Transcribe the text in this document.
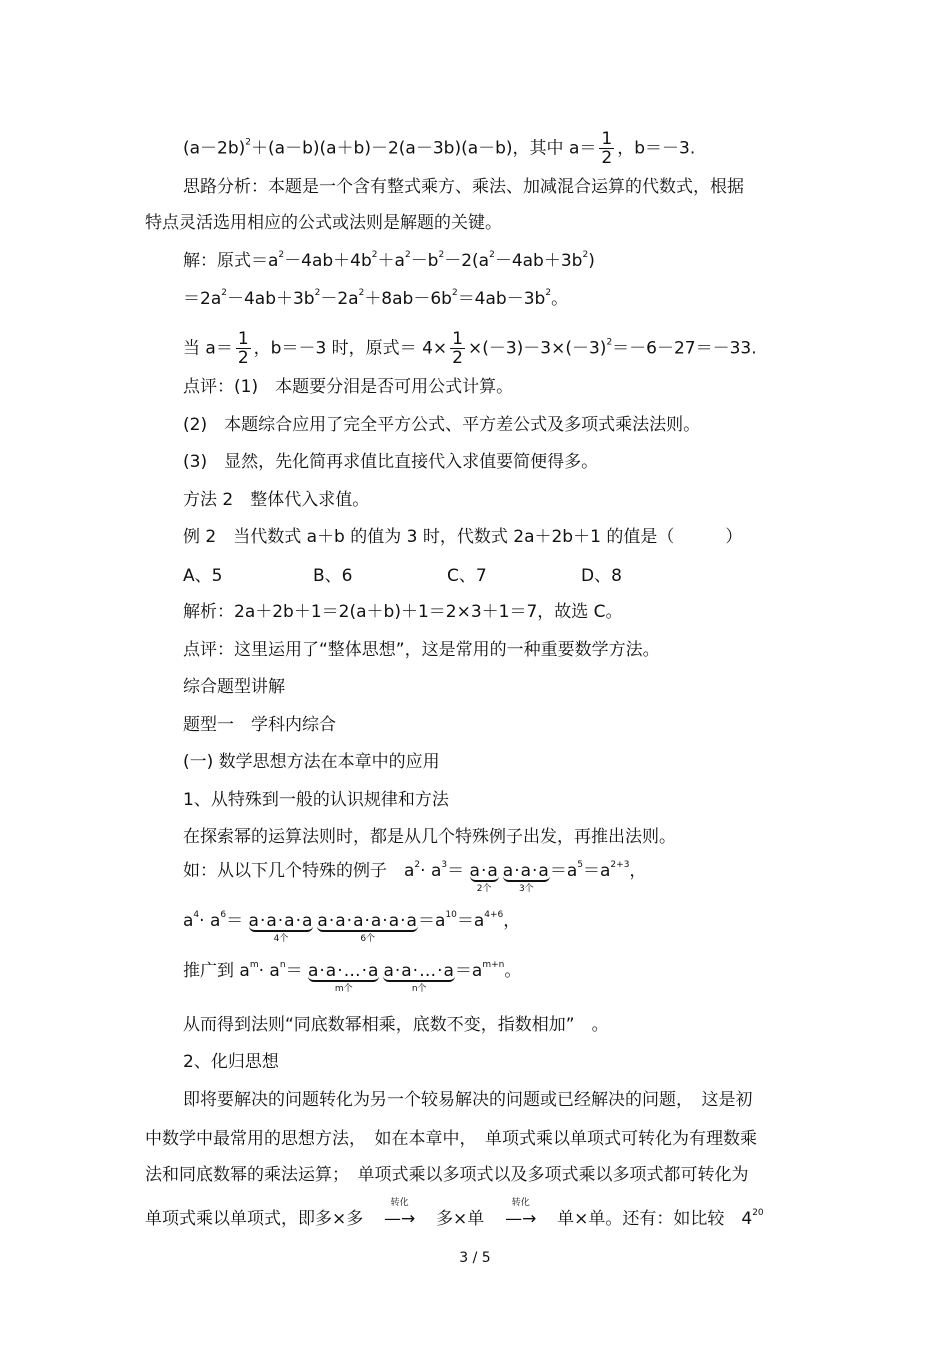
$(a-2b)^2+(a-b)(a+b)-2(a-3b)(a-b)$，其中 $a= \frac{1}{2}$ ，b＝－3.
思路分析：本题是一个含有整式乘方、乘法、加减混合运算的代数式，根据
特点灵活选用相应的公式或法则是解题的关键。
解：原式$=a^2-4ab+4b^2+a^2-b^2-2(a^2-4ab+3b^2)$
$=2a^2-4ab+3b^2-2a^2+8ab-6b^2=4ab-3b^2$。
当 $a= \frac{1}{2}$ ，b＝－3 时，原式＝ $4\times \frac{1}{2} \times(-3)-3\times(-3)^2=-6-27=-33$.
点评：(1)　本题要分泪是否可用公式计算。
(2)　本题综合应用了完全平方公式、平方差公式及多项式乘法法则。
(3)　显然，先化简再求值比直接代入求值要简便得多。
方法 2　整体代入求值。
例 2　当代数式 a＋b 的值为 3 时，代数式 2a＋2b＋1 的值是（　　　）
A、5	B、6	C、7	D、8
解析：2a＋2b＋1＝2(a＋b)＋1＝2×3＋1＝7，故选 C。
点评：这里运用了“整体思想”，这是常用的一种重要数学方法。
综合题型讲解
题型一　学科内综合
(一) 数学思想方法在本章中的应用
1、从特殊到一般的认识规律和方法
在探索幂的运算法则时，都是从几个特殊例子出发，再推出法则。
如：从以下几个特殊的例子　$a^2\cdot a^3= a\cdot a$
2个
a·a·a
3个
$=a^5=a^{2+3}$，
$a^4\cdot a^6= a\cdot a\cdot a\cdot a$
4个
a·a·a·a·a·a
6个
$=a^{10}=a^{4+6}$，
推广到 $a^m\cdot a^n=$ a·a·…·a
m个
a·a·…·a
n个
$=a^{m+n}$。
从而得到法则“同底数幂相乘，底数不变，指数相加”　。
2、化归思想
即将要解决的问题转化为另一个较易解决的问题或已经解决的问题，　这是初
中数学中最常用的思想方法，　如在本章中，　单项式乘以单项式可转化为有理数乘
法和同底数幂的乘法运算；　单项式乘以多项式以及多项式乘以多项式都可转化为
单项式乘以单项式，即多×多
转化
—→ 多×单
转化
—→ 单×单。还有：如比较　$4^{20}$
3 / 5
